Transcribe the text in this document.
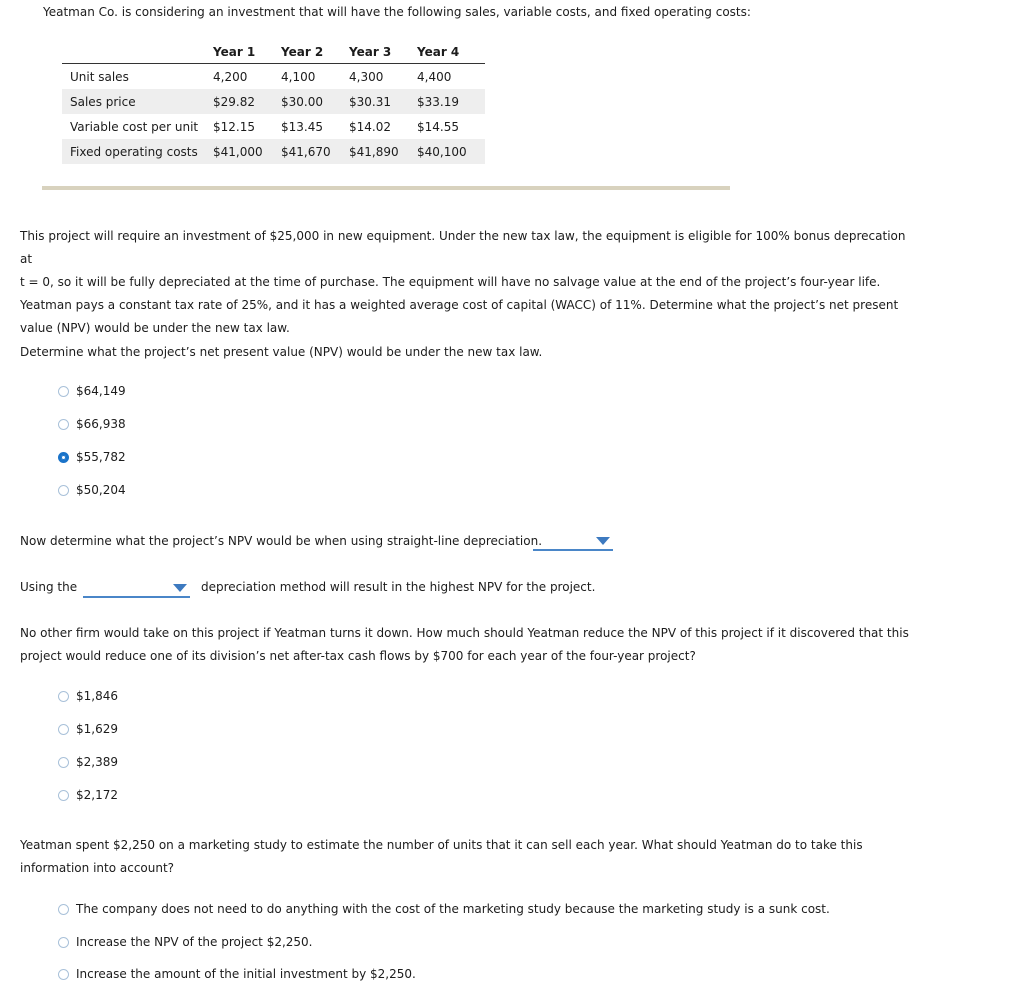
Yeatman Co. is considering an investment that will have the following sales, variable costs, and fixed operating costs:
	Year 1	Year 2	Year 3	Year 4
Unit sales	4,200	4,100	4,300	4,400
Sales price	$29.82	$30.00	$30.31	$33.19
Variable cost per unit	$12.15	$13.45	$14.02	$14.55
Fixed operating costs	$41,000	$41,670	$41,890	$40,100
This project will require an investment of $25,000 in new equipment. Under the new tax law, the equipment is eligible for 100% bonus deprecation at
t = 0, so it will be fully depreciated at the time of purchase. The equipment will have no salvage value at the end of the project’s four-year life.
Yeatman pays a constant tax rate of 25%, and it has a weighted average cost of capital (WACC) of 11%. Determine what the project’s net present
value (NPV) would be under the new tax law.
Determine what the project’s net present value (NPV) would be under the new tax law.
$64,149
$66,938
$55,782
$50,204
Now determine what the project’s NPV would be when using straight-line depreciation.
Using the	depreciation method will result in the highest NPV for the project.
No other firm would take on this project if Yeatman turns it down. How much should Yeatman reduce the NPV of this project if it discovered that this
project would reduce one of its division’s net after-tax cash flows by $700 for each year of the four-year project?
$1,846
$1,629
$2,389
$2,172
Yeatman spent $2,250 on a marketing study to estimate the number of units that it can sell each year. What should Yeatman do to take this
information into account?
The company does not need to do anything with the cost of the marketing study because the marketing study is a sunk cost.
Increase the NPV of the project $2,250.
Increase the amount of the initial investment by $2,250.
